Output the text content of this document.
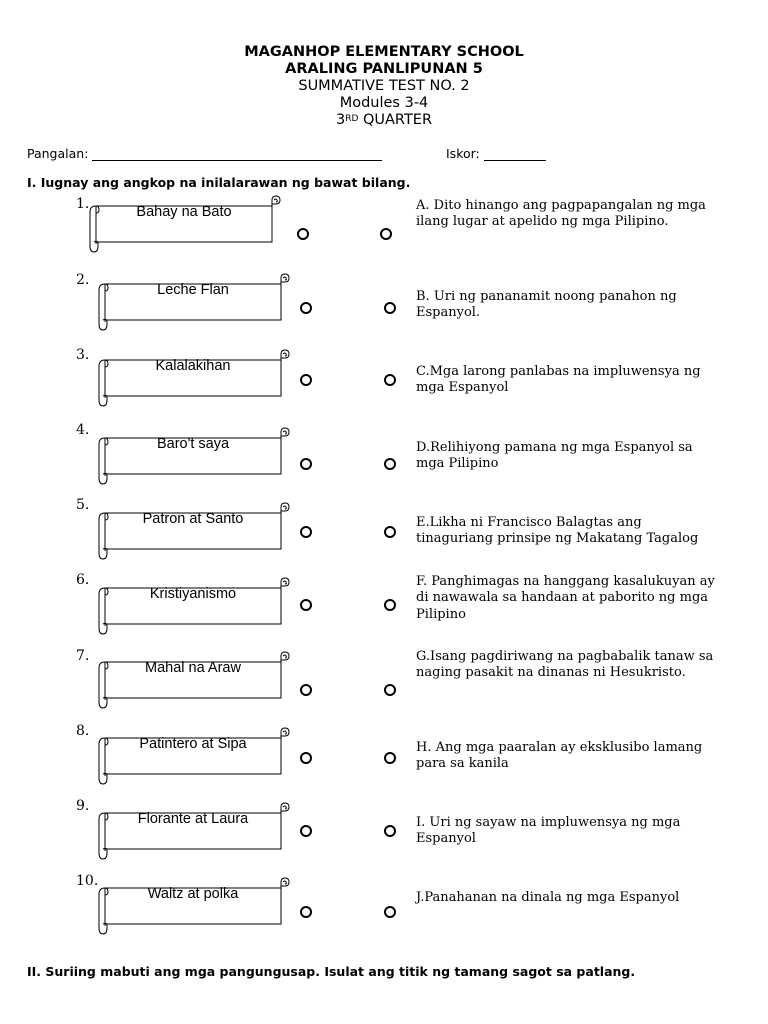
MAGANHOP ELEMENTARY SCHOOL
ARALING PANLIPUNAN 5
SUMMATIVE TEST NO. 2
Modules 3-4
3RD QUARTER
Pangalan:	Iskor:
I. Iugnay ang angkop na inilalarawan ng bawat bilang.
1.	Bahay na Bato	A. Dito hinango ang pagpapangalan ng mga ilang lugar at apelido ng mga Pilipino.
2.
Leche Flan	B. Uri ng pananamit noong panahon ng Espanyol.
3.
Kalalakihan	C.Mga larong panlabas na impluwensya ng mga Espanyol
4.
Baro't saya	D.Relihiyong pamana ng mga Espanyol sa mga Pilipino
5.
Patron at Santo	E.Likha ni Francisco Balagtas ang tinaguriang prinsipe ng Makatang Tagalog
6.
Kristiyanismo
F. Panghimagas na hanggang kasalukuyan ay di nawawala sa handaan at paborito ng mga Pilipino
7.
Mahal na Araw
G.Isang pagdiriwang na pagbabalik tanaw sa naging pasakit na dinanas ni Hesukristo.
8.
Patintero at Sipa	H. Ang mga paaralan ay eksklusibo lamang para sa kanila
9.
Florante at Laura	I. Uri ng sayaw na impluwensya ng mga Espanyol
10.
Waltz at polka	J.Panahanan na dinala ng mga Espanyol
II. Suriing mabuti ang mga pangungusap. Isulat ang titik ng tamang sagot sa patlang.
